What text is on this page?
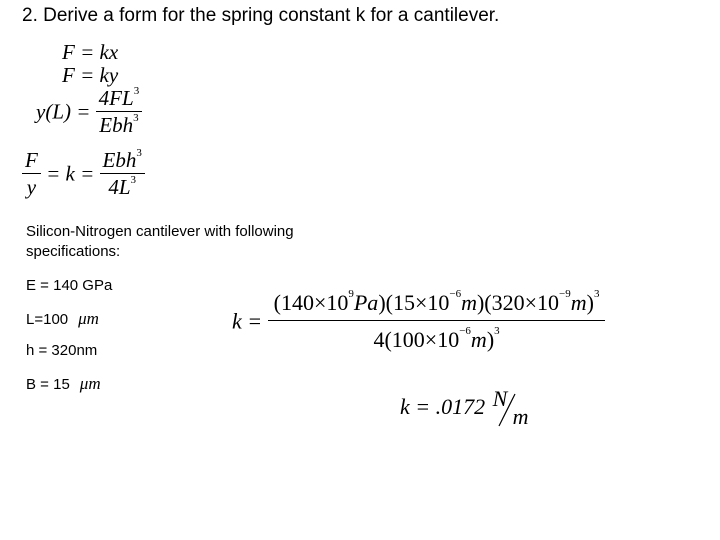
2. Derive a form for the spring constant k for a cantilever.
F = kx
F = ky
$y(L) = \frac{4FL^3}{Ebh^3}$
$\frac{F}{y} = k = \frac{Ebh^3}{4L^3}$
Silicon-Nitrogen cantilever with following specifications:
E = 140 GPa
L=100 μm
h = 320nm
B = 15 μm
$k = \frac{(140\times 10^9Pa)(15\times 10^{-6}m)(320\times 10^{-9}m)^3}{4(100\times 10^{-6}m)^3}$
k = .0172 N
m
